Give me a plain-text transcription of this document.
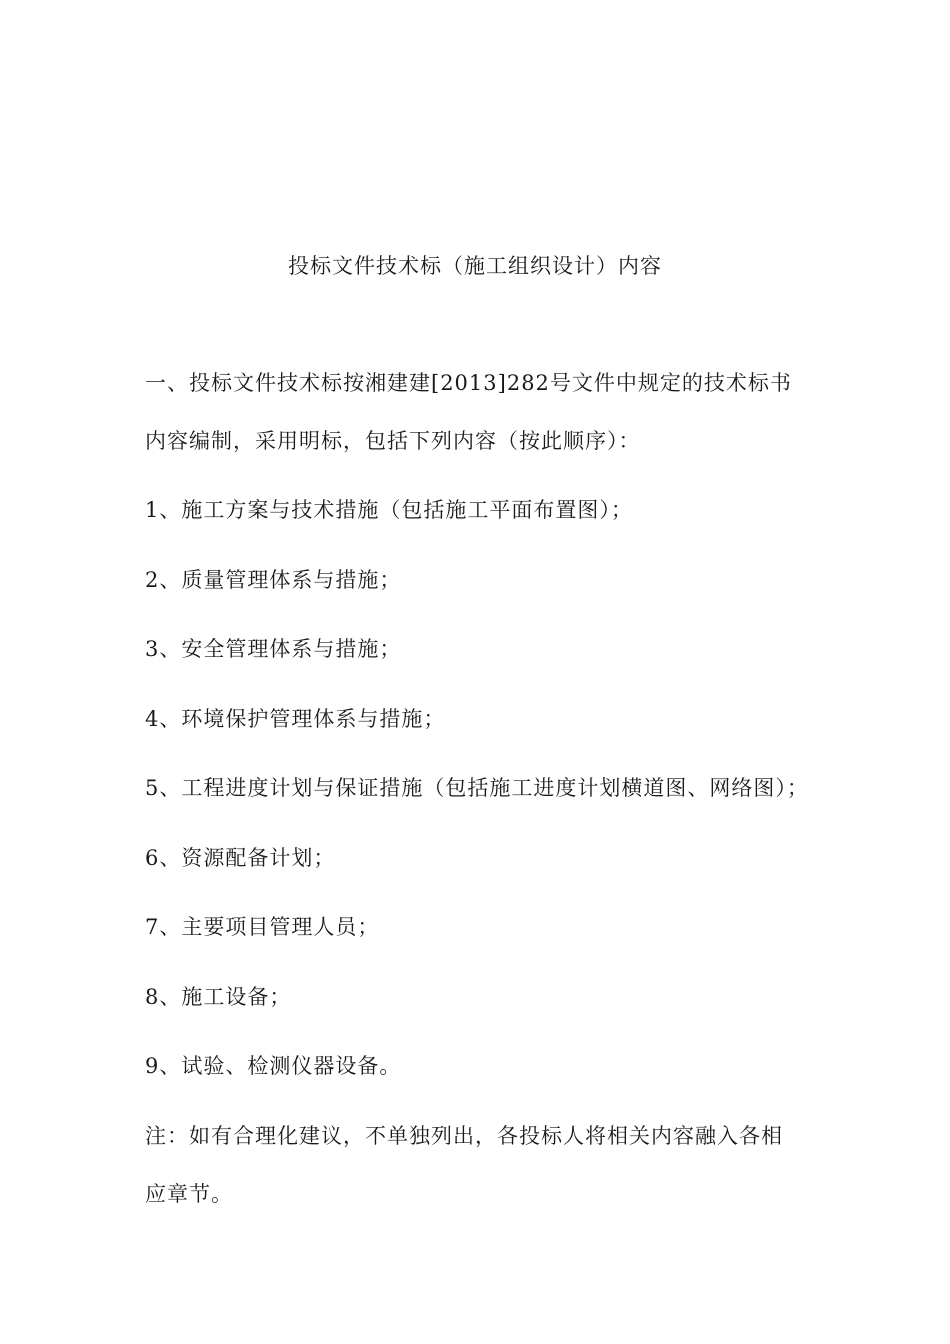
投标文件技术标（施工组织设计）内容
一、投标文件技术标按湘建建[2013]282号文件中规定的技术标书
内容编制，采用明标，包括下列内容（按此顺序）：
1、施工方案与技术措施（包括施工平面布置图）；
2、质量管理体系与措施；
3、安全管理体系与措施；
4、环境保护管理体系与措施；
5、工程进度计划与保证措施（包括施工进度计划横道图、网络图）；
6、资源配备计划；
7、主要项目管理人员；
8、施工设备；
9、试验、检测仪器设备。
注：如有合理化建议，不单独列出，各投标人将相关内容融入各相
应章节。
